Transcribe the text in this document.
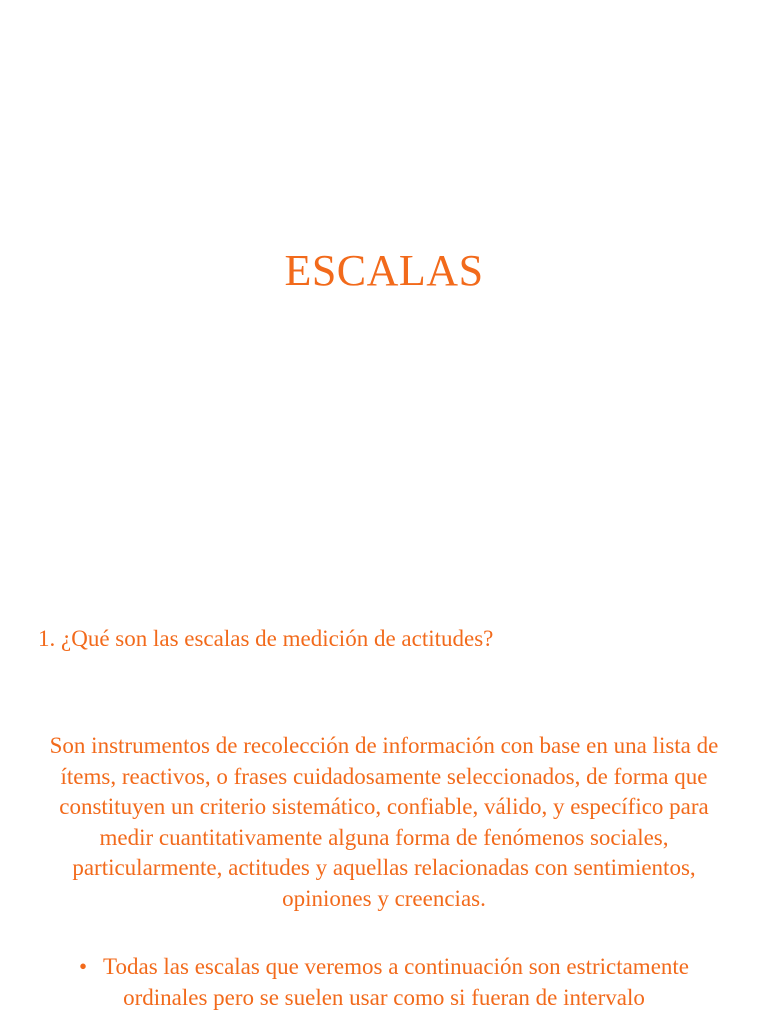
ESCALAS
1. ¿Qué son las escalas de medición de actitudes?

Son instrumentos de recolección de información con base en una lista de ítems, reactivos, o frases cuidadosamente seleccionados, de forma que constituyen un criterio sistemático, confiable, válido, y específico para medir cuantitativamente alguna forma de fenómenos sociales, particularmente, actitudes y aquellas relacionadas con sentimientos, opiniones y creencias.

• Todas las escalas que veremos a continuación son estrictamente ordinales pero se suelen usar como si fueran de intervalo
